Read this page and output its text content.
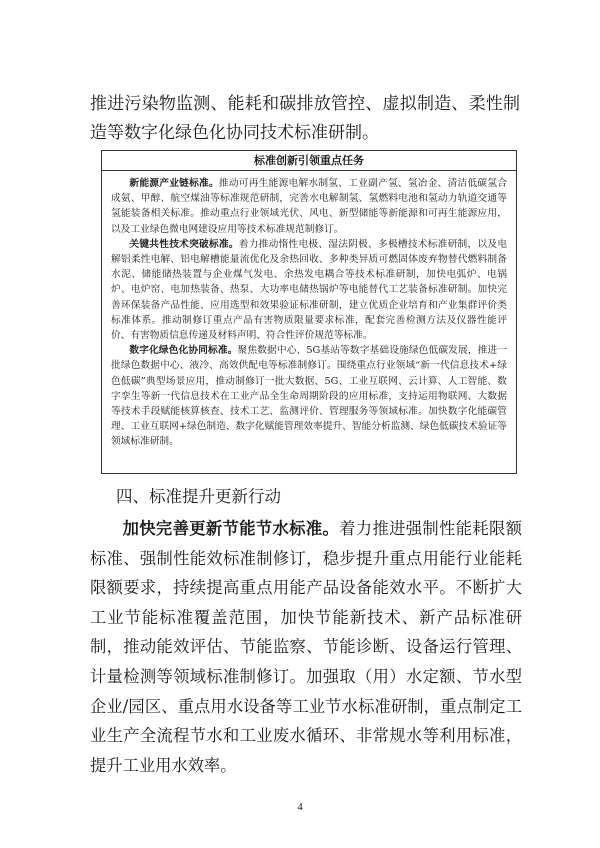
推进污染物监测、能耗和碳排放管控、虚拟制造、柔性制造等数字化绿色化协同技术标准研制。

标准创新引领重点任务

新能源产业链标准。推动可再生能源电解水制氢、工业副产氢、氢冶金、清洁低碳氢合成氨、甲醇、航空煤油等标准规范研制，完善水电解制氢、氢燃料电池和氢动力轨道交通等氢能装备相关标准。推动重点行业领域光伏、风电、新型储能等新能源和可再生能源应用，以及工业绿色微电网建设应用等技术标准规范制修订。

关键共性技术突破标准。着力推动惰性电极、湿法阴极、多极槽技术标准研制，以及电解铝柔性电解、铝电解槽能量流优化及余热回收、多种类异质可燃固体废弃物替代燃料制备水泥、储能储热装置与企业煤气发电、余热发电耦合等技术标准研制，加快电弧炉、电锅炉、电炉窑、电加热装备、热泵、大功率电储热锅炉等电能替代工艺装备标准研制。加快完善环保装备产品性能、应用选型和效果验证标准研制，建立优质企业培育和产业集群评价类标准体系。推动制修订重点产品有害物质限量要求标准，配套完善检测方法及仪器性能评价、有害物质信息传递及材料声明、符合性评价规范等标准。

数字化绿色化协同标准。聚焦数据中心、5G基站等数字基础设施绿色低碳发展，推进一批绿色数据中心、液冷、高效供配电等标准制修订。围绕重点行业领域“新一代信息技术+绿色低碳”典型场景应用，推动制修订一批大数据、5G、工业互联网、云计算、人工智能、数字孪生等新一代信息技术在工业产品全生命周期阶段的应用标准，支持运用物联网、大数据等技术手段赋能核算核查、技术工艺、监测评价、管理服务等领域标准。加快数字化能碳管理、工业互联网+绿色制造、数字化赋能管理效率提升、智能分析监测、绿色低碳技术验证等领域标准研制。

四、标准提升更新行动

加快完善更新节能节水标准。着力推进强制性能耗限额标准、强制性能效标准制修订，稳步提升重点用能行业能耗限额要求，持续提高重点用能产品设备能效水平。不断扩大工业节能标准覆盖范围，加快节能新技术、新产品标准研制，推动能效评估、节能监察、节能诊断、设备运行管理、计量检测等领域标准制修订。加强取（用）水定额、节水型企业/园区、重点用水设备等工业节水标准研制，重点制定工业生产全流程节水和工业废水循环、非常规水等利用标准，提升工业用水效率。

4
